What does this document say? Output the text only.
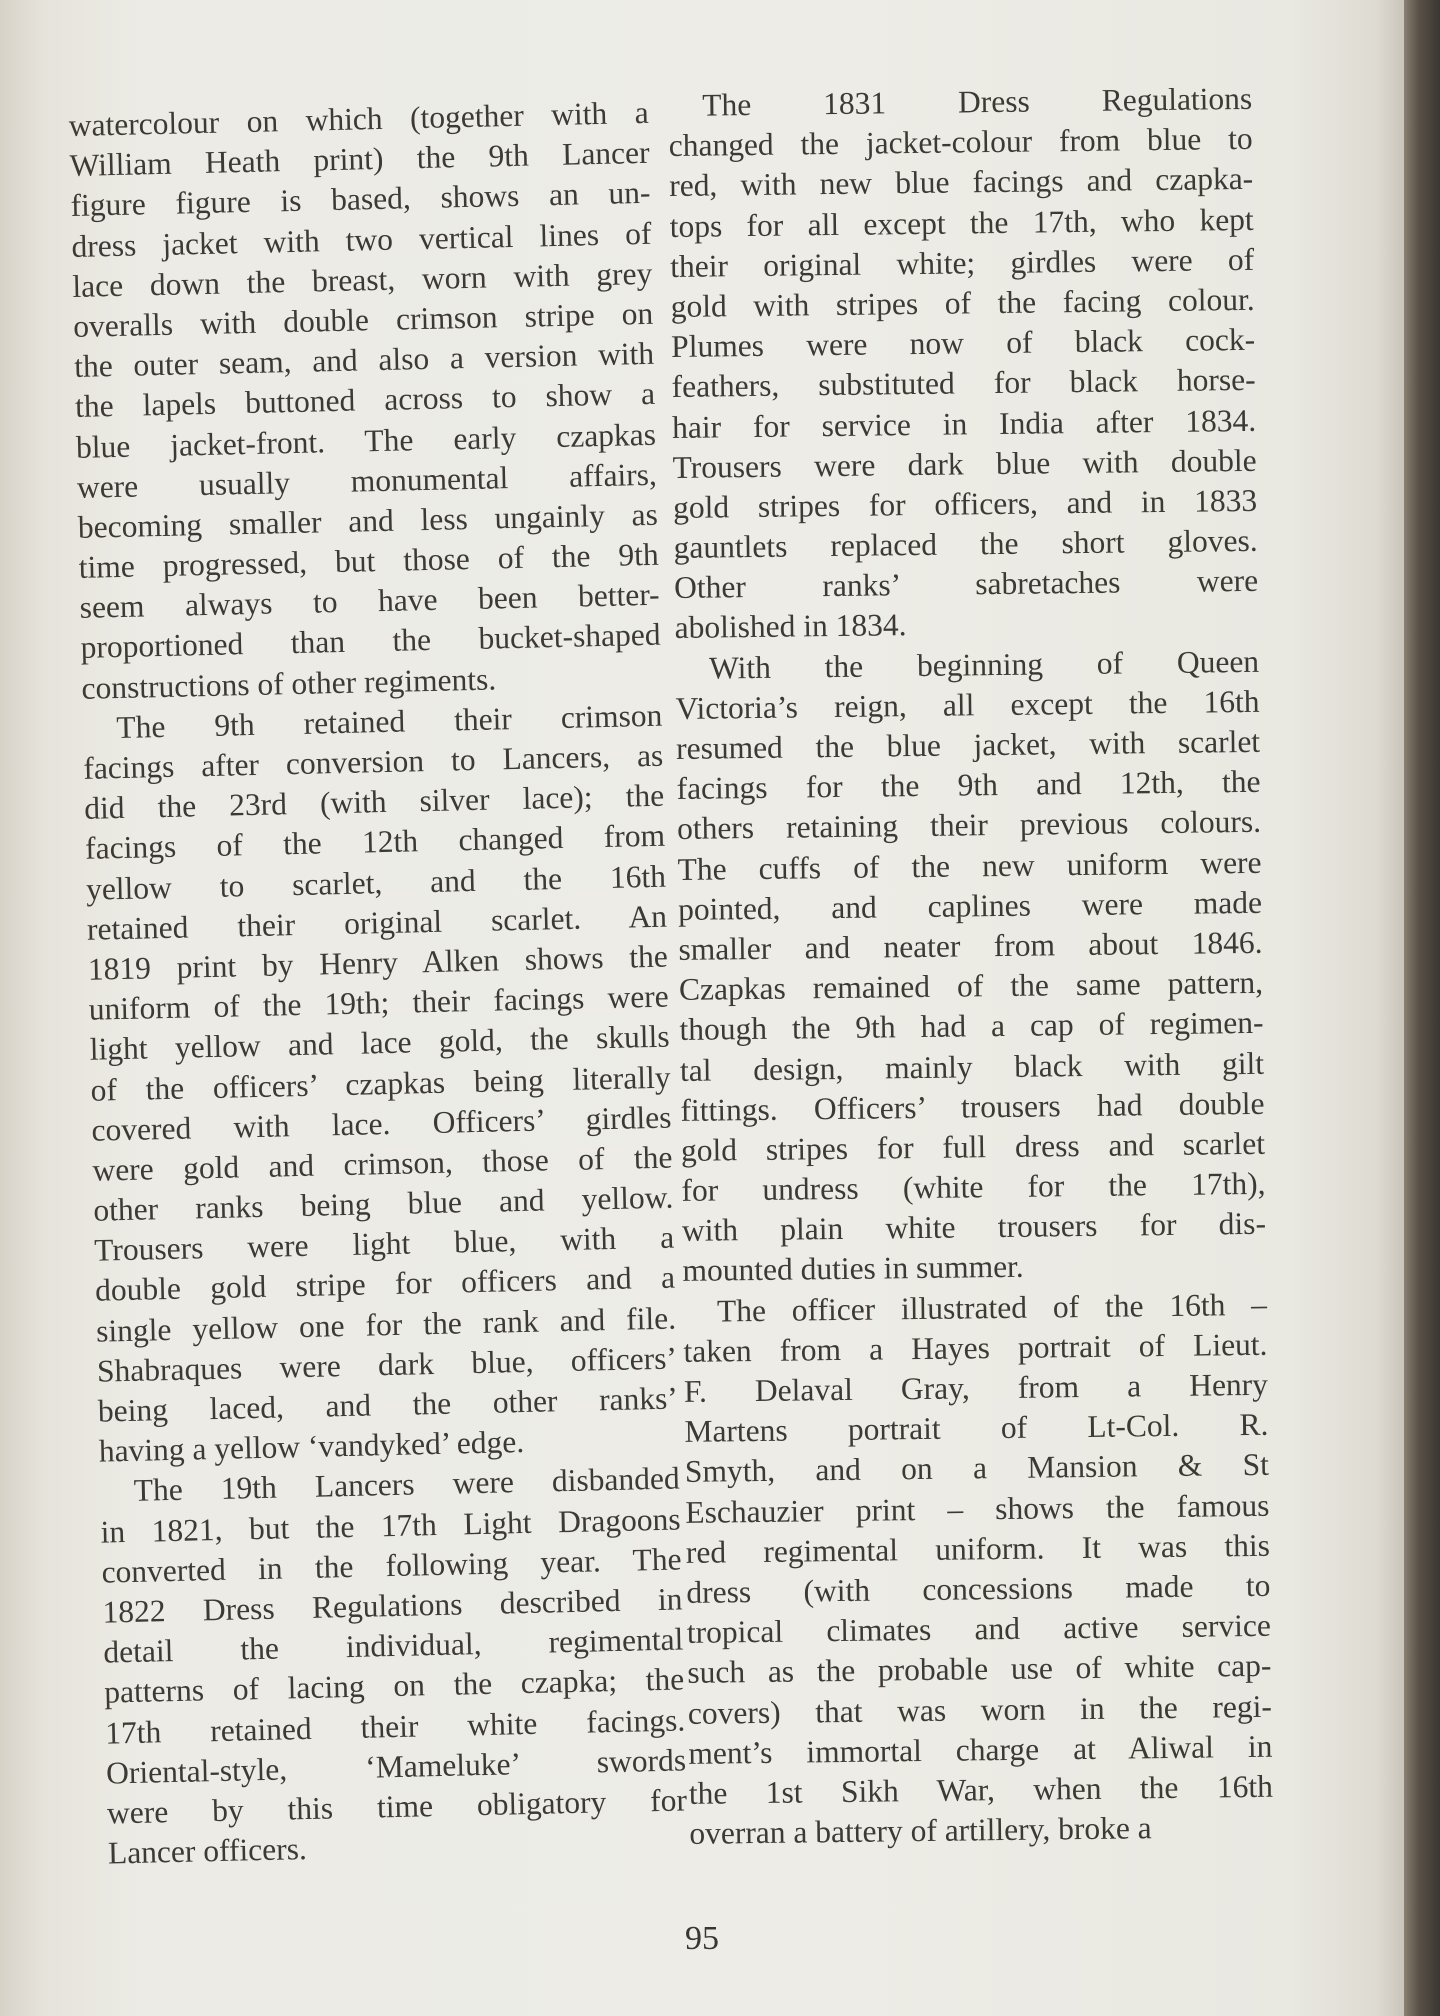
watercolour on which (together with a
William Heath print) the 9th Lancer
figure figure is based, shows an un-
dress jacket with two vertical lines of
lace down the breast, worn with grey
overalls with double crimson stripe on
the outer seam, and also a version with
the lapels buttoned across to show a
blue jacket-front. The early czapkas
were usually monumental affairs,
becoming smaller and less ungainly as
time progressed, but those of the 9th
seem always to have been better-
proportioned than the bucket-shaped
constructions of other regiments.
The 9th retained their crimson
facings after conversion to Lancers, as
did the 23rd (with silver lace); the
facings of the 12th changed from
yellow to scarlet, and the 16th
retained their original scarlet. An
1819 print by Henry Alken shows the
uniform of the 19th; their facings were
light yellow and lace gold, the skulls
of the officers’ czapkas being literally
covered with lace. Officers’ girdles
were gold and crimson, those of the
other ranks being blue and yellow.
Trousers were light blue, with a
double gold stripe for officers and a
single yellow one for the rank and file.
Shabraques were dark blue, officers’
being laced, and the other ranks’
having a yellow ‘vandyked’ edge.
The 19th Lancers were disbanded
in 1821, but the 17th Light Dragoons
converted in the following year. The
1822 Dress Regulations described in
detail the individual, regimental
patterns of lacing on the czapka; the
17th retained their white facings.
Oriental-style, ‘Mameluke’ swords
were by this time obligatory for
Lancer officers.
The 1831 Dress Regulations
changed the jacket-colour from blue to
red, with new blue facings and czapka-
tops for all except the 17th, who kept
their original white; girdles were of
gold with stripes of the facing colour.
Plumes were now of black cock-
feathers, substituted for black horse-
hair for service in India after 1834.
Trousers were dark blue with double
gold stripes for officers, and in 1833
gauntlets replaced the short gloves.
Other ranks’ sabretaches were
abolished in 1834.
With the beginning of Queen
Victoria’s reign, all except the 16th
resumed the blue jacket, with scarlet
facings for the 9th and 12th, the
others retaining their previous colours.
The cuffs of the new uniform were
pointed, and caplines were made
smaller and neater from about 1846.
Czapkas remained of the same pattern,
though the 9th had a cap of regimen-
tal design, mainly black with gilt
fittings. Officers’ trousers had double
gold stripes for full dress and scarlet
for undress (white for the 17th),
with plain white trousers for dis-
mounted duties in summer.
The officer illustrated of the 16th –
taken from a Hayes portrait of Lieut.
F. Delaval Gray, from a Henry
Martens portrait of Lt-Col. R.
Smyth, and on a Mansion & St
Eschauzier print – shows the famous
red regimental uniform. It was this
dress (with concessions made to
tropical climates and active service
such as the probable use of white cap-
covers) that was worn in the regi-
ment’s immortal charge at Aliwal in
the 1st Sikh War, when the 16th
overran a battery of artillery, broke a
95
